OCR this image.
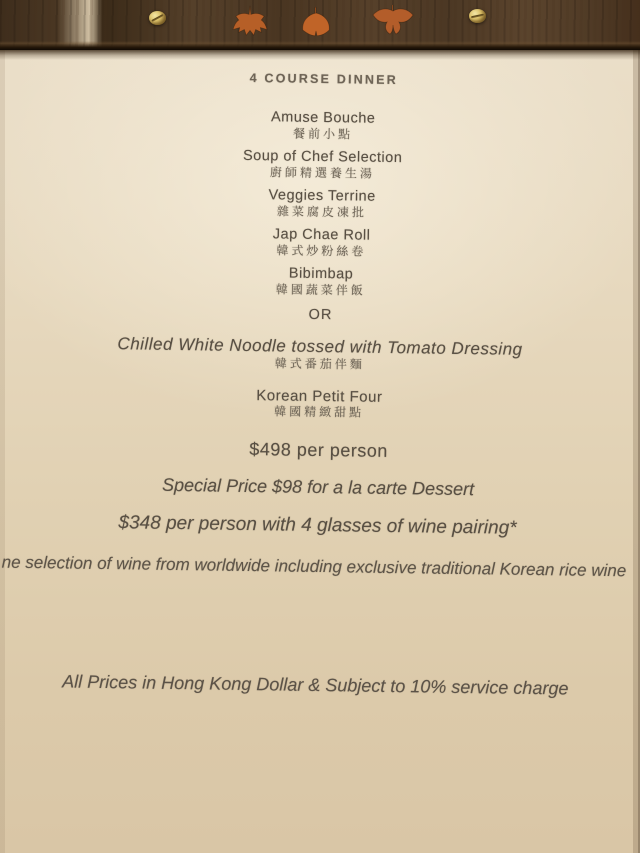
4 COURSE DINNER
Amuse Bouche
餐前小點
Soup of Chef Selection
廚師精選養生湯
Veggies Terrine
雜菜腐皮凍批
Jap Chae Roll
韓式炒粉絲卷
Bibimbap
韓國蔬菜伴飯
OR
Chilled White Noodle tossed with Tomato Dressing
韓式番茄伴麵
Korean Petit Four
韓國精緻甜點
$498 per person
Special Price $98 for a la carte Dessert
$348 per person with 4 glasses of wine pairing*
ne selection of wine from worldwide including exclusive traditional Korean rice wine
All Prices in Hong Kong Dollar & Subject to 10% service charge
